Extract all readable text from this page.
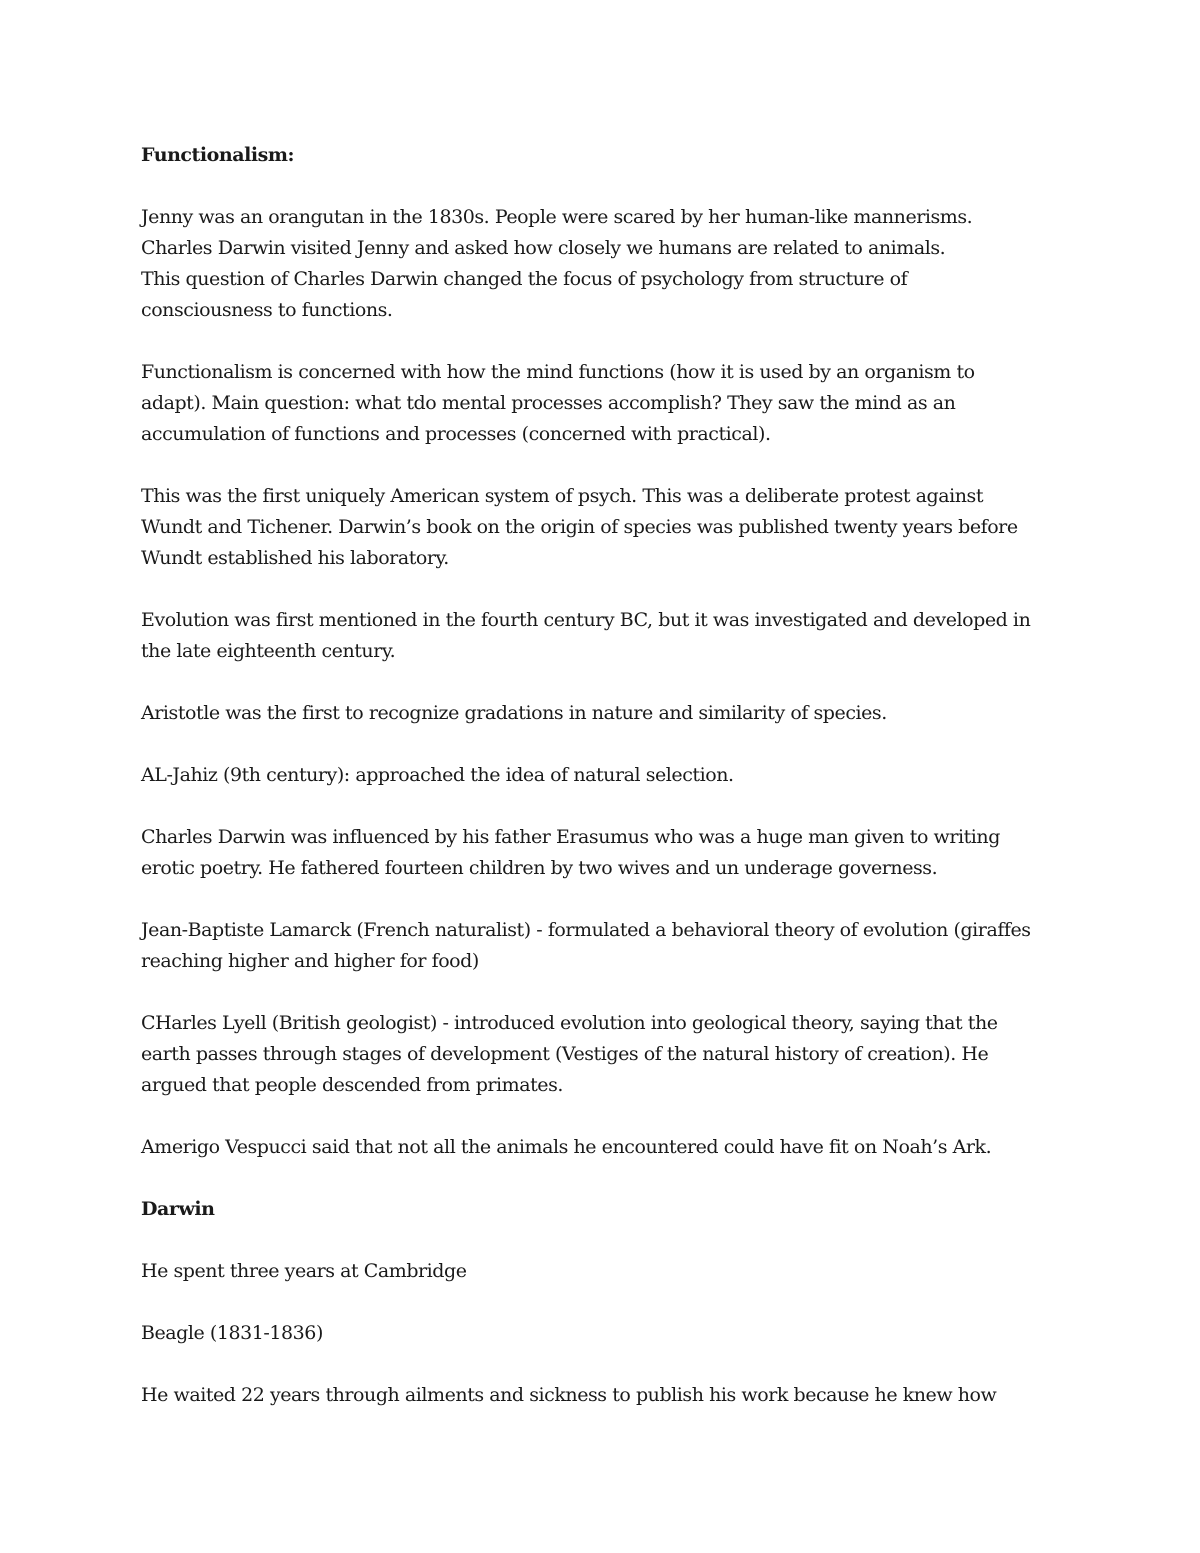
Functionalism:

Jenny was an orangutan in the 1830s. People were scared by her human-like mannerisms.
Charles Darwin visited Jenny and asked how closely we humans are related to animals.
This question of Charles Darwin changed the focus of psychology from structure of
consciousness to functions.

Functionalism is concerned with how the mind functions (how it is used by an organism to
adapt). Main question: what tdo mental processes accomplish? They saw the mind as an
accumulation of functions and processes (concerned with practical).

This was the first uniquely American system of psych. This was a deliberate protest against
Wundt and Tichener. Darwin’s book on the origin of species was published twenty years before
Wundt established his laboratory.

Evolution was first mentioned in the fourth century BC, but it was investigated and developed in
the late eighteenth century.

Aristotle was the first to recognize gradations in nature and similarity of species.

AL-Jahiz (9th century): approached the idea of natural selection.

Charles Darwin was influenced by his father Erasumus who was a huge man given to writing
erotic poetry. He fathered fourteen children by two wives and un underage governess.

Jean-Baptiste Lamarck (French naturalist) - formulated a behavioral theory of evolution (giraffes
reaching higher and higher for food)

CHarles Lyell (British geologist) - introduced evolution into geological theory, saying that the
earth passes through stages of development (Vestiges of the natural history of creation). He
argued that people descended from primates.

Amerigo Vespucci said that not all the animals he encountered could have fit on Noah’s Ark.

Darwin

He spent three years at Cambridge

Beagle (1831-1836)

He waited 22 years through ailments and sickness to publish his work because he knew how
